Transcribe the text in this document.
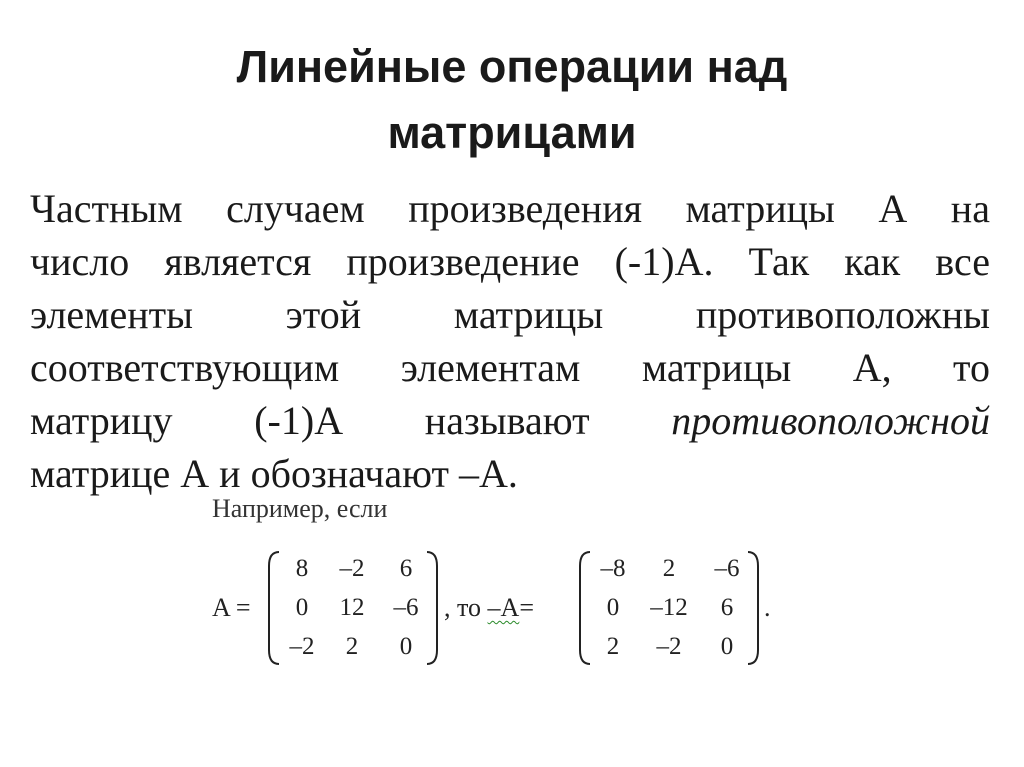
Линейные операции над
матрицами
Частным случаем произведения матрицы А на
число является произведение (-1)А. Так как все
элементы этой матрицы противоположны
соответствующим элементам матрицы А, то
матрицу (-1)А называют противоположной
матрице А и обозначают –А.
Например, если
A =
8	–2	6
0	12	–6
–2	2	0
, то
–A =
–8	2	–6
0	–12	6
2	–2	0
.
